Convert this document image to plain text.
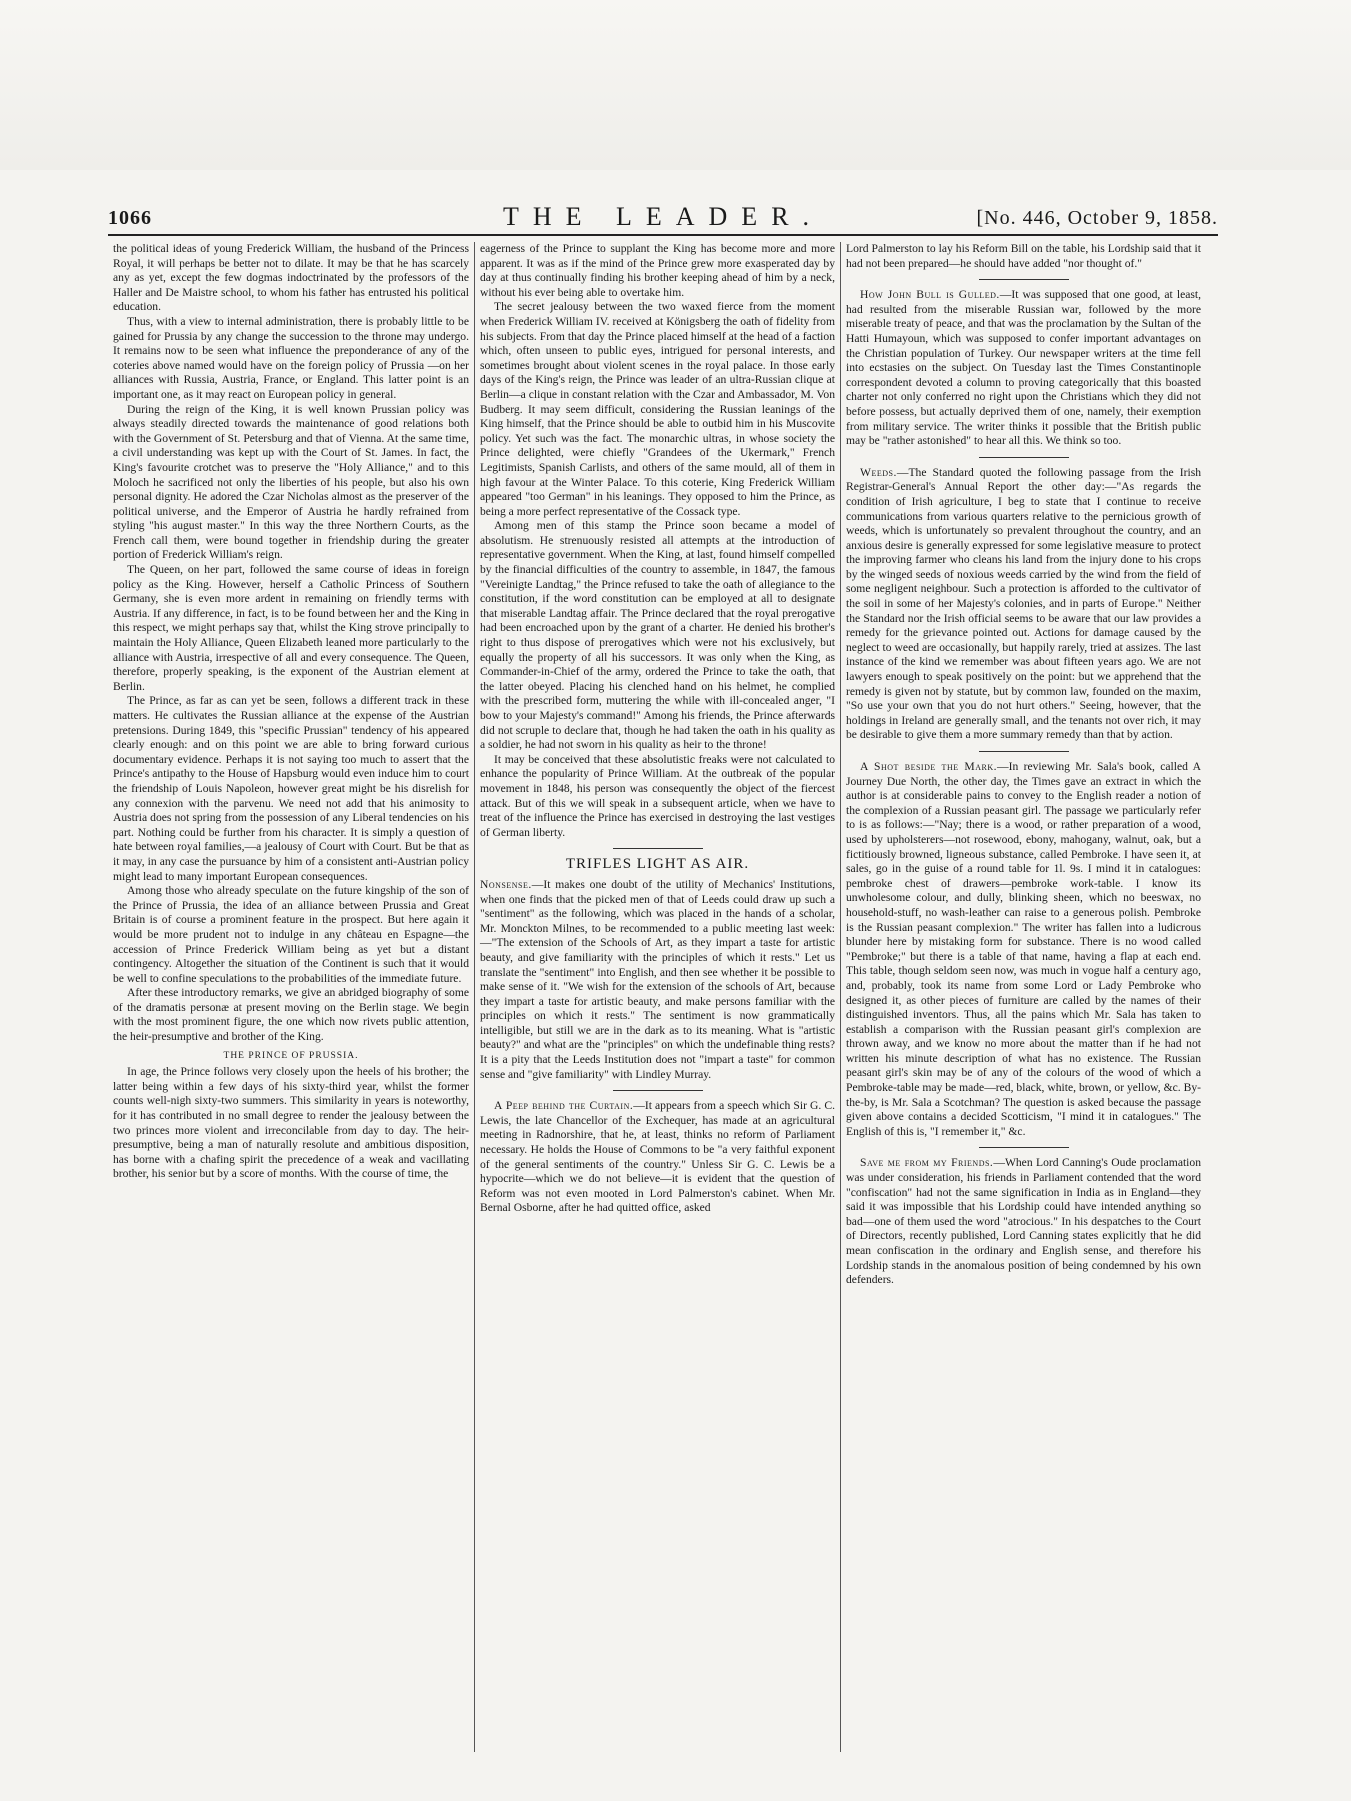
1066	THE LEADER.	[No. 446, October 9, 1858.

the political ideas of young Frederick William, the husband of the Princess Royal, it will perhaps be better not to dilate. It may be that he has scarcely any as yet, except the few dogmas indoctrinated by the professors of the Haller and De Maistre school, to whom his father has entrusted his political education.

Thus, with a view to internal administration, there is probably little to be gained for Prussia by any change the succession to the throne may undergo. It remains now to be seen what influence the preponderance of any of the coteries above named would have on the foreign policy of Prussia —on her alliances with Russia, Austria, France, or England. This latter point is an important one, as it may react on European policy in general.

During the reign of the King, it is well known Prussian policy was always steadily directed towards the maintenance of good relations both with the Government of St. Petersburg and that of Vienna. At the same time, a civil understanding was kept up with the Court of St. James. In fact, the King's favourite crotchet was to preserve the "Holy Alliance," and to this Moloch he sacrificed not only the liberties of his people, but also his own personal dignity. He adored the Czar Nicholas almost as the preserver of the political universe, and the Emperor of Austria he hardly refrained from styling "his august master." In this way the three Northern Courts, as the French call them, were bound together in friendship during the greater portion of Frederick William's reign.

The Queen, on her part, followed the same course of ideas in foreign policy as the King. However, herself a Catholic Princess of Southern Germany, she is even more ardent in remaining on friendly terms with Austria. If any difference, in fact, is to be found between her and the King in this respect, we might perhaps say that, whilst the King strove principally to maintain the Holy Alliance, Queen Elizabeth leaned more particularly to the alliance with Austria, irrespective of all and every consequence. The Queen, therefore, properly speaking, is the exponent of the Austrian element at Berlin.

The Prince, as far as can yet be seen, follows a different track in these matters. He cultivates the Russian alliance at the expense of the Austrian pretensions. During 1849, this "specific Prussian" tendency of his appeared clearly enough: and on this point we are able to bring forward curious documentary evidence. Perhaps it is not saying too much to assert that the Prince's antipathy to the House of Hapsburg would even induce him to court the friendship of Louis Napoleon, however great might be his disrelish for any connexion with the parvenu. We need not add that his animosity to Austria does not spring from the possession of any Liberal tendencies on his part. Nothing could be further from his character. It is simply a question of hate between royal families,—a jealousy of Court with Court. But be that as it may, in any case the pursuance by him of a consistent anti-Austrian policy might lead to many important European consequences.

Among those who already speculate on the future kingship of the son of the Prince of Prussia, the idea of an alliance between Prussia and Great Britain is of course a prominent feature in the prospect. But here again it would be more prudent not to indulge in any château en Espagne—the accession of Prince Frederick William being as yet but a distant contingency. Altogether the situation of the Continent is such that it would be well to confine speculations to the probabilities of the immediate future.

After these introductory remarks, we give an abridged biography of some of the dramatis personæ at present moving on the Berlin stage. We begin with the most prominent figure, the one which now rivets public attention, the heir-presumptive and brother of the King.

THE PRINCE OF PRUSSIA.

In age, the Prince follows very closely upon the heels of his brother; the latter being within a few days of his sixty-third year, whilst the former counts well-nigh sixty-two summers. This similarity in years is noteworthy, for it has contributed in no small degree to render the jealousy between the two princes more violent and irreconcilable from day to day. The heir-presumptive, being a man of naturally resolute and ambitious disposition, has borne with a chafing spirit the precedence of a weak and vacillating brother, his senior but by a score of months. With the course of time, the

eagerness of the Prince to supplant the King has become more and more apparent. It was as if the mind of the Prince grew more exasperated day by day at thus continually finding his brother keeping ahead of him by a neck, without his ever being able to overtake him.

The secret jealousy between the two waxed fierce from the moment when Frederick William IV. received at Königsberg the oath of fidelity from his subjects. From that day the Prince placed himself at the head of a faction which, often unseen to public eyes, intrigued for personal interests, and sometimes brought about violent scenes in the royal palace. In those early days of the King's reign, the Prince was leader of an ultra-Russian clique at Berlin—a clique in constant relation with the Czar and Ambassador, M. Von Budberg. It may seem difficult, considering the Russian leanings of the King himself, that the Prince should be able to outbid him in his Muscovite policy. Yet such was the fact. The monarchic ultras, in whose society the Prince delighted, were chiefly "Grandees of the Ukermark," French Legitimists, Spanish Carlists, and others of the same mould, all of them in high favour at the Winter Palace. To this coterie, King Frederick William appeared "too German" in his leanings. They opposed to him the Prince, as being a more perfect representative of the Cossack type.

Among men of this stamp the Prince soon became a model of absolutism. He strenuously resisted all attempts at the introduction of representative government. When the King, at last, found himself compelled by the financial difficulties of the country to assemble, in 1847, the famous "Vereinigte Landtag," the Prince refused to take the oath of allegiance to the constitution, if the word constitution can be employed at all to designate that miserable Landtag affair. The Prince declared that the royal prerogative had been encroached upon by the grant of a charter. He denied his brother's right to thus dispose of prerogatives which were not his exclusively, but equally the property of all his successors. It was only when the King, as Commander-in-Chief of the army, ordered the Prince to take the oath, that the latter obeyed. Placing his clenched hand on his helmet, he complied with the prescribed form, muttering the while with ill-concealed anger, "I bow to your Majesty's command!" Among his friends, the Prince afterwards did not scruple to declare that, though he had taken the oath in his quality as a soldier, he had not sworn in his quality as heir to the throne!

It may be conceived that these absolutistic freaks were not calculated to enhance the popularity of Prince William. At the outbreak of the popular movement in 1848, his person was consequently the object of the fiercest attack. But of this we will speak in a subsequent article, when we have to treat of the influence the Prince has exercised in destroying the last vestiges of German liberty.

TRIFLES LIGHT AS AIR.

Nonsense.—It makes one doubt of the utility of Mechanics' Institutions, when one finds that the picked men of that of Leeds could draw up such a "sentiment" as the following, which was placed in the hands of a scholar, Mr. Monckton Milnes, to be recommended to a public meeting last week:—"The extension of the Schools of Art, as they impart a taste for artistic beauty, and give familiarity with the principles of which it rests." Let us translate the "sentiment" into English, and then see whether it be possible to make sense of it. "We wish for the extension of the schools of Art, because they impart a taste for artistic beauty, and make persons familiar with the principles on which it rests." The sentiment is now grammatically intelligible, but still we are in the dark as to its meaning. What is "artistic beauty?" and what are the "principles" on which the undefinable thing rests? It is a pity that the Leeds Institution does not "impart a taste" for common sense and "give familiarity" with Lindley Murray.

A Peep behind the Curtain.—It appears from a speech which Sir G. C. Lewis, the late Chancellor of the Exchequer, has made at an agricultural meeting in Radnorshire, that he, at least, thinks no reform of Parliament necessary. He holds the House of Commons to be "a very faithful exponent of the general sentiments of the country." Unless Sir G. C. Lewis be a hypocrite—which we do not believe—it is evident that the question of Reform was not even mooted in Lord Palmerston's cabinet. When Mr. Bernal Osborne, after he had quitted office, asked

Lord Palmerston to lay his Reform Bill on the table, his Lordship said that it had not been prepared—he should have added "nor thought of."

How John Bull is Gulled.—It was supposed that one good, at least, had resulted from the miserable Russian war, followed by the more miserable treaty of peace, and that was the proclamation by the Sultan of the Hatti Humayoun, which was supposed to confer important advantages on the Christian population of Turkey. Our newspaper writers at the time fell into ecstasies on the subject. On Tuesday last the Times Constantinople correspondent devoted a column to proving categorically that this boasted charter not only conferred no right upon the Christians which they did not before possess, but actually deprived them of one, namely, their exemption from military service. The writer thinks it possible that the British public may be "rather astonished" to hear all this. We think so too.

Weeds.—The Standard quoted the following passage from the Irish Registrar-General's Annual Report the other day:—"As regards the condition of Irish agriculture, I beg to state that I continue to receive communications from various quarters relative to the pernicious growth of weeds, which is unfortunately so prevalent throughout the country, and an anxious desire is generally expressed for some legislative measure to protect the improving farmer who cleans his land from the injury done to his crops by the winged seeds of noxious weeds carried by the wind from the field of some negligent neighbour. Such a protection is afforded to the cultivator of the soil in some of her Majesty's colonies, and in parts of Europe." Neither the Standard nor the Irish official seems to be aware that our law provides a remedy for the grievance pointed out. Actions for damage caused by the neglect to weed are occasionally, but happily rarely, tried at assizes. The last instance of the kind we remember was about fifteen years ago. We are not lawyers enough to speak positively on the point: but we apprehend that the remedy is given not by statute, but by common law, founded on the maxim, "So use your own that you do not hurt others." Seeing, however, that the holdings in Ireland are generally small, and the tenants not over rich, it may be desirable to give them a more summary remedy than that by action.

A Shot beside the Mark.—In reviewing Mr. Sala's book, called A Journey Due North, the other day, the Times gave an extract in which the author is at considerable pains to convey to the English reader a notion of the complexion of a Russian peasant girl. The passage we particularly refer to is as follows:—"Nay; there is a wood, or rather preparation of a wood, used by upholsterers—not rosewood, ebony, mahogany, walnut, oak, but a fictitiously browned, ligneous substance, called Pembroke. I have seen it, at sales, go in the guise of a round table for 1l. 9s. I mind it in catalogues: pembroke chest of drawers—pembroke work-table. I know its unwholesome colour, and dully, blinking sheen, which no beeswax, no household-stuff, no wash-leather can raise to a generous polish. Pembroke is the Russian peasant complexion." The writer has fallen into a ludicrous blunder here by mistaking form for substance. There is no wood called "Pembroke;" but there is a table of that name, having a flap at each end. This table, though seldom seen now, was much in vogue half a century ago, and, probably, took its name from some Lord or Lady Pembroke who designed it, as other pieces of furniture are called by the names of their distinguished inventors. Thus, all the pains which Mr. Sala has taken to establish a comparison with the Russian peasant girl's complexion are thrown away, and we know no more about the matter than if he had not written his minute description of what has no existence. The Russian peasant girl's skin may be of any of the colours of the wood of which a Pembroke-table may be made—red, black, white, brown, or yellow, &c. By-the-by, is Mr. Sala a Scotchman? The question is asked because the passage given above contains a decided Scotticism, "I mind it in catalogues." The English of this is, "I remember it," &c.

Save me from my Friends.—When Lord Canning's Oude proclamation was under consideration, his friends in Parliament contended that the word "confiscation" had not the same signification in India as in England—they said it was impossible that his Lordship could have intended anything so bad—one of them used the word "atrocious." In his despatches to the Court of Directors, recently published, Lord Canning states explicitly that he did mean confiscation in the ordinary and English sense, and therefore his Lordship stands in the anomalous position of being condemned by his own defenders.
